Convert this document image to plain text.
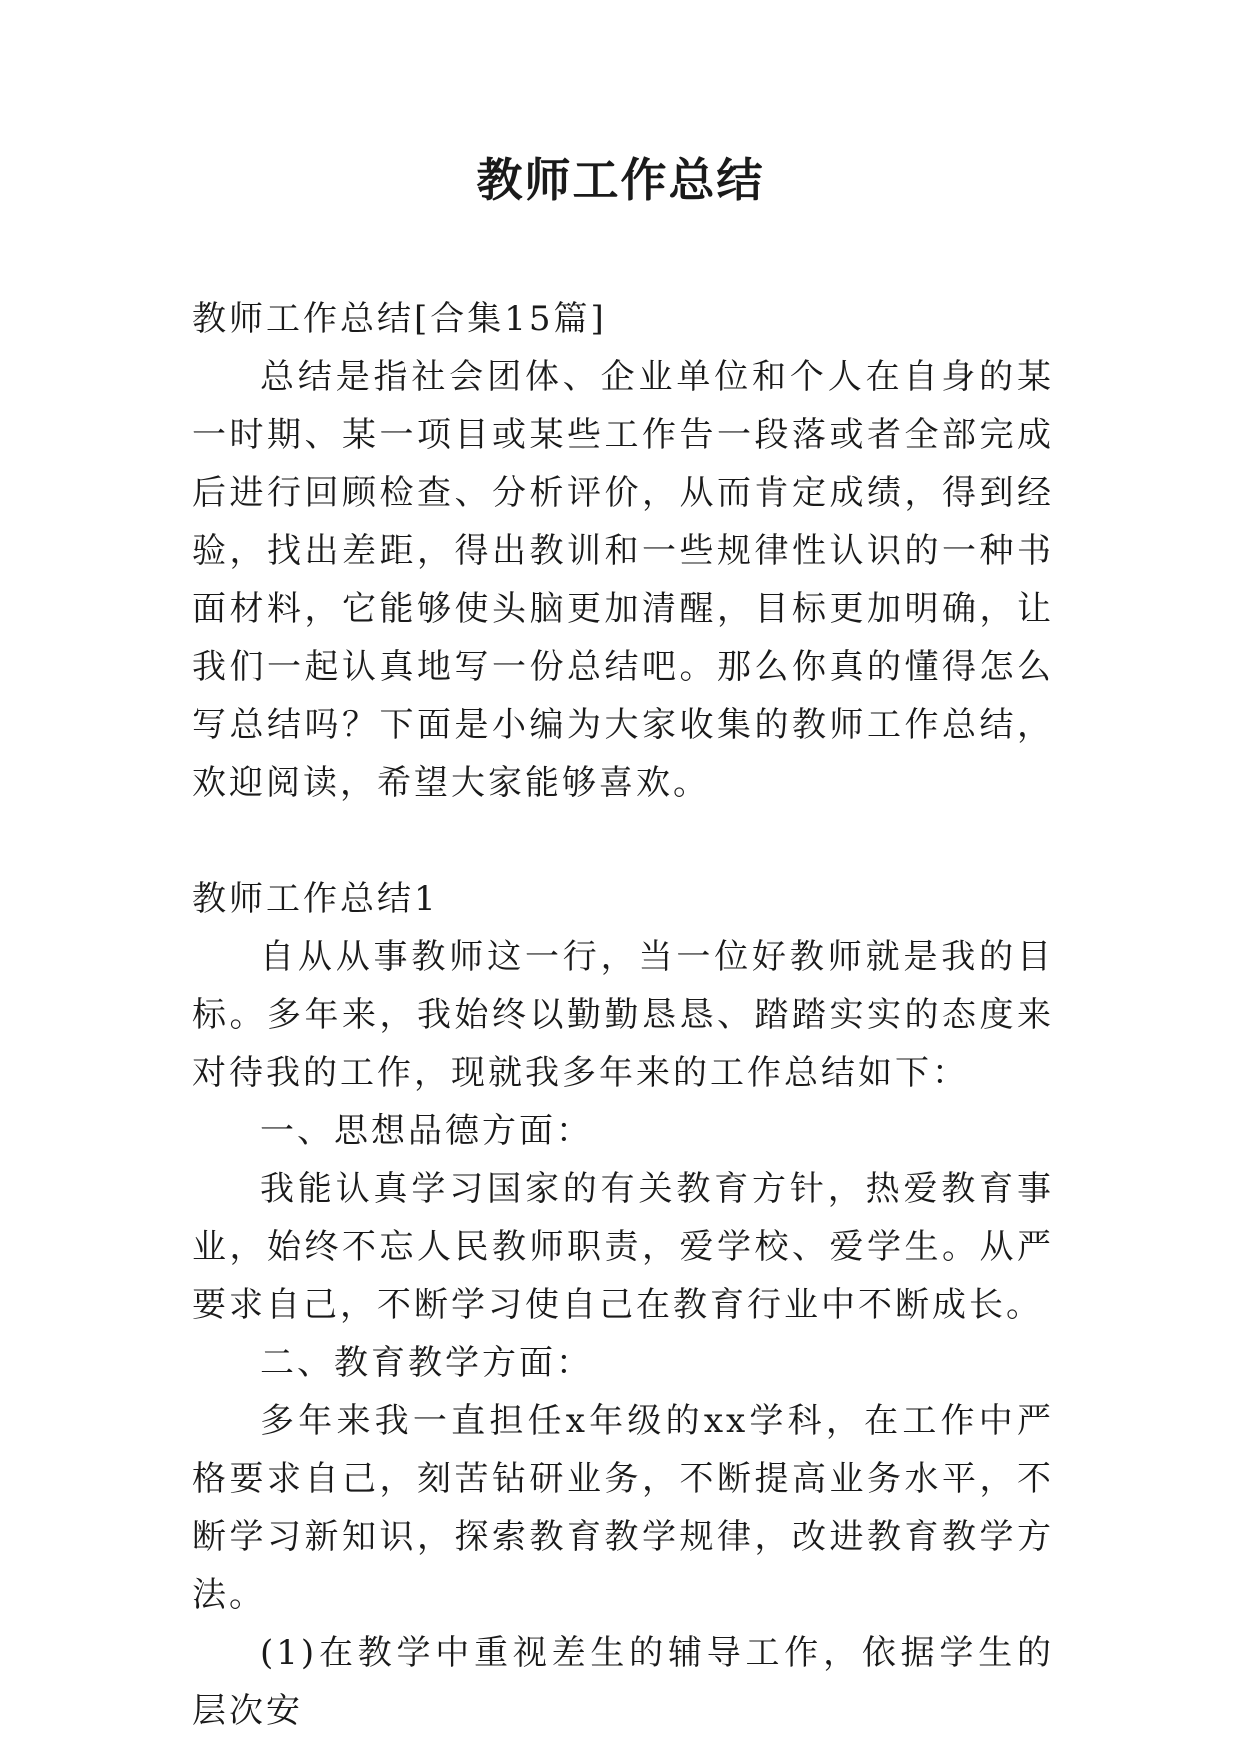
教师工作总结

教师工作总结[合集15篇]

总结是指社会团体、企业单位和个人在自身的某一时期、某一项目或某些工作告一段落或者全部完成后进行回顾检查、分析评价，从而肯定成绩，得到经验，找出差距，得出教训和一些规律性认识的一种书面材料，它能够使头脑更加清醒，目标更加明确，让我们一起认真地写一份总结吧。那么你真的懂得怎么写总结吗？下面是小编为大家收集的教师工作总结，欢迎阅读，希望大家能够喜欢。

教师工作总结1

自从从事教师这一行，当一位好教师就是我的目标。多年来，我始终以勤勤恳恳、踏踏实实的态度来对待我的工作，现就我多年来的工作总结如下：

一、思想品德方面：

我能认真学习国家的有关教育方针，热爱教育事业，始终不忘人民教师职责，爱学校、爱学生。从严要求自己，不断学习使自己在教育行业中不断成长。

二、教育教学方面：

多年来我一直担任x年级的xx学科，在工作中严格要求自己，刻苦钻研业务，不断提高业务水平，不断学习新知识，探索教育教学规律，改进教育教学方法。

(1)在教学中重视差生的辅导工作，依据学生的层次安
